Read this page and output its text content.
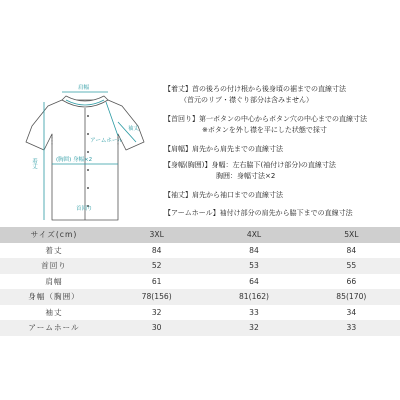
肩幅
着丈
袖丈
アームホール
(胸囲) 身幅×2
首回り
【着丈】首の後ろの付け根から後身頃の裾までの直線寸法
（首元のリブ・襟ぐり部分は含みません）
【首回り】第一ボタンの中心からボタン穴の中心までの直線寸法
※ボタンを外し襟を平にした状態で採寸
【肩幅】肩先から肩先までの直線寸法
【身幅(胸囲)】身幅：左右脇下(袖付け部分)の直線寸法
胸囲：身幅寸法×2
【袖丈】肩先から袖口までの直線寸法
【アームホール】袖付け部分の肩先から脇下までの直線寸法
サイズ(cm)	3XL	4XL	5XL
着丈	84	84	84
首回り	52	53	55
肩幅	61	64	66
身幅（胸囲）	78(156)	81(162)	85(170)
袖丈	32	33	34
アームホール	30	32	33
